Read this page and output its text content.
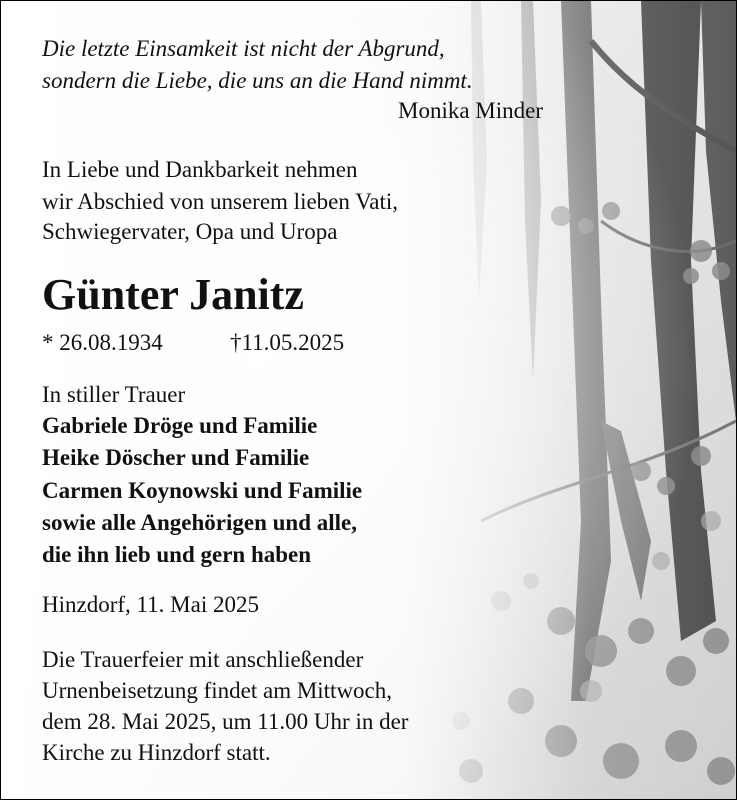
Die letzte Einsamkeit ist nicht der Abgrund,

sondern die Liebe, die uns an die Hand nimmt.

Monika Minder

In Liebe und Dankbarkeit nehmen

wir Abschied von unserem lieben Vati,

Schwiegervater, Opa und Uropa

Günter Janitz

* 26.08.1934	†11.05.2025

In stiller Trauer

Gabriele Dröge und Familie

Heike Döscher und Familie

Carmen Koynowski und Familie

sowie alle Angehörigen und alle,

die ihn lieb und gern haben

Hinzdorf, 11. Mai 2025

Die Trauerfeier mit anschließender

Urnenbeisetzung findet am Mittwoch,

dem 28. Mai 2025, um 11.00 Uhr in der

Kirche zu Hinzdorf statt.
